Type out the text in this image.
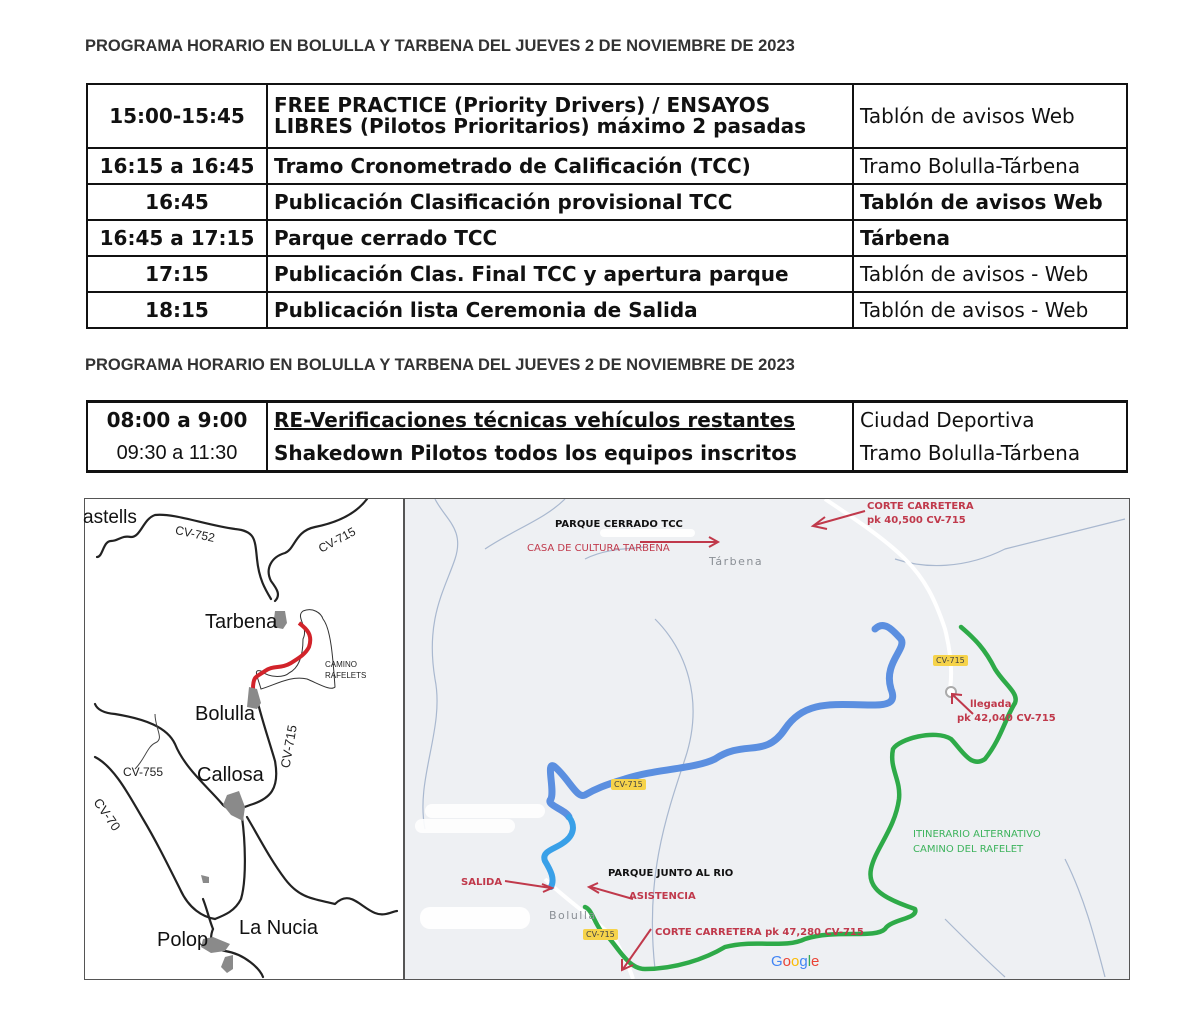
PROGRAMA HORARIO EN BOLULLA Y TARBENA DEL JUEVES 2 DE NOVIEMBRE DE 2023
15:00-15:45	FREE PRACTICE (Priority Drivers) / ENSAYOS LIBRES (Pilotos Prioritarios) máximo 2 pasadas	Tablón de avisos Web
16:15 a 16:45	Tramo Cronometrado de Calificación (TCC)	Tramo Bolulla-Tárbena
16:45	Publicación Clasificación provisional TCC	Tablón de avisos Web
16:45 a 17:15	Parque cerrado TCC	Tárbena
17:15	Publicación Clas. Final TCC y apertura parque	Tablón de avisos - Web
18:15	Publicación lista Ceremonia de Salida	Tablón de avisos - Web
PROGRAMA HORARIO EN BOLULLA Y TARBENA DEL JUEVES 2 DE NOVIEMBRE DE 2023
08:00 a 9:00	RE-Verificaciones técnicas vehículos restantes	Ciudad Deportiva
09:30 a 11:30	Shakedown Pilotos todos los equipos inscritos	Tramo Bolulla-Tárbena
astells
CV-752	CV-715
Tarbena
CAMINO
RAFELETS
Bolulla
CV-715
CV-755 Callosa
CV-70
Polop
La Nucia
PARQUE CERRADO TCC
CASA DE CULTURA TARBENA
Tárbena
CORTE CARRETERA
pk 40,500 CV-715
CV-715
llegada
pk 42,040 CV-715
CV-715
ITINERARIO ALTERNATIVO
CAMINO DEL RAFELET
PARQUE JUNTO AL RIO
SALIDA
ASISTENCIA
Bolulla
CV-715	CORTE CARRETERA pk 47,280 CV-715
Google
